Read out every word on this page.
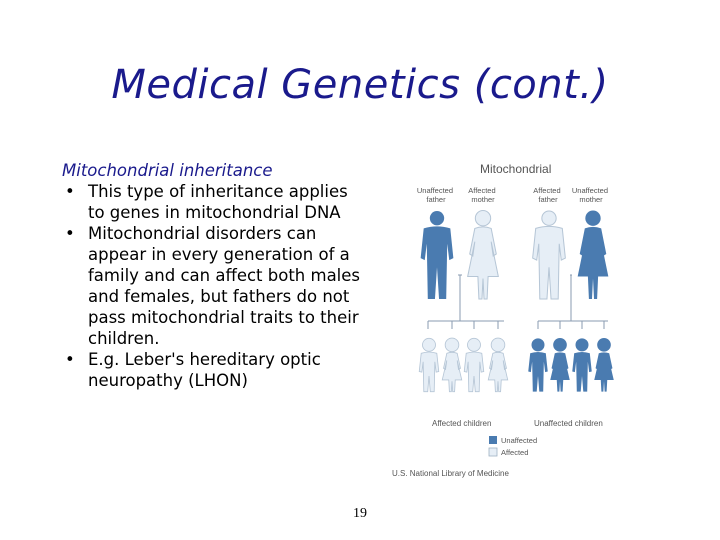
Medical Genetics (cont.)
Mitochondrial inheritance
• This type of inheritance applies to genes in mitochondrial DNA
• Mitochondrial disorders can appear in every generation of a family and can affect both males and females, but fathers do not pass mitochondrial traits to their children.
• E.g. Leber's hereditary optic neuropathy (LHON)
Mitochondrial
Unaffected father
Affected mother
Affected father
Unaffected mother
Affected children	Unaffected children
Unaffected
Affected
U.S. National Library of Medicine
19
